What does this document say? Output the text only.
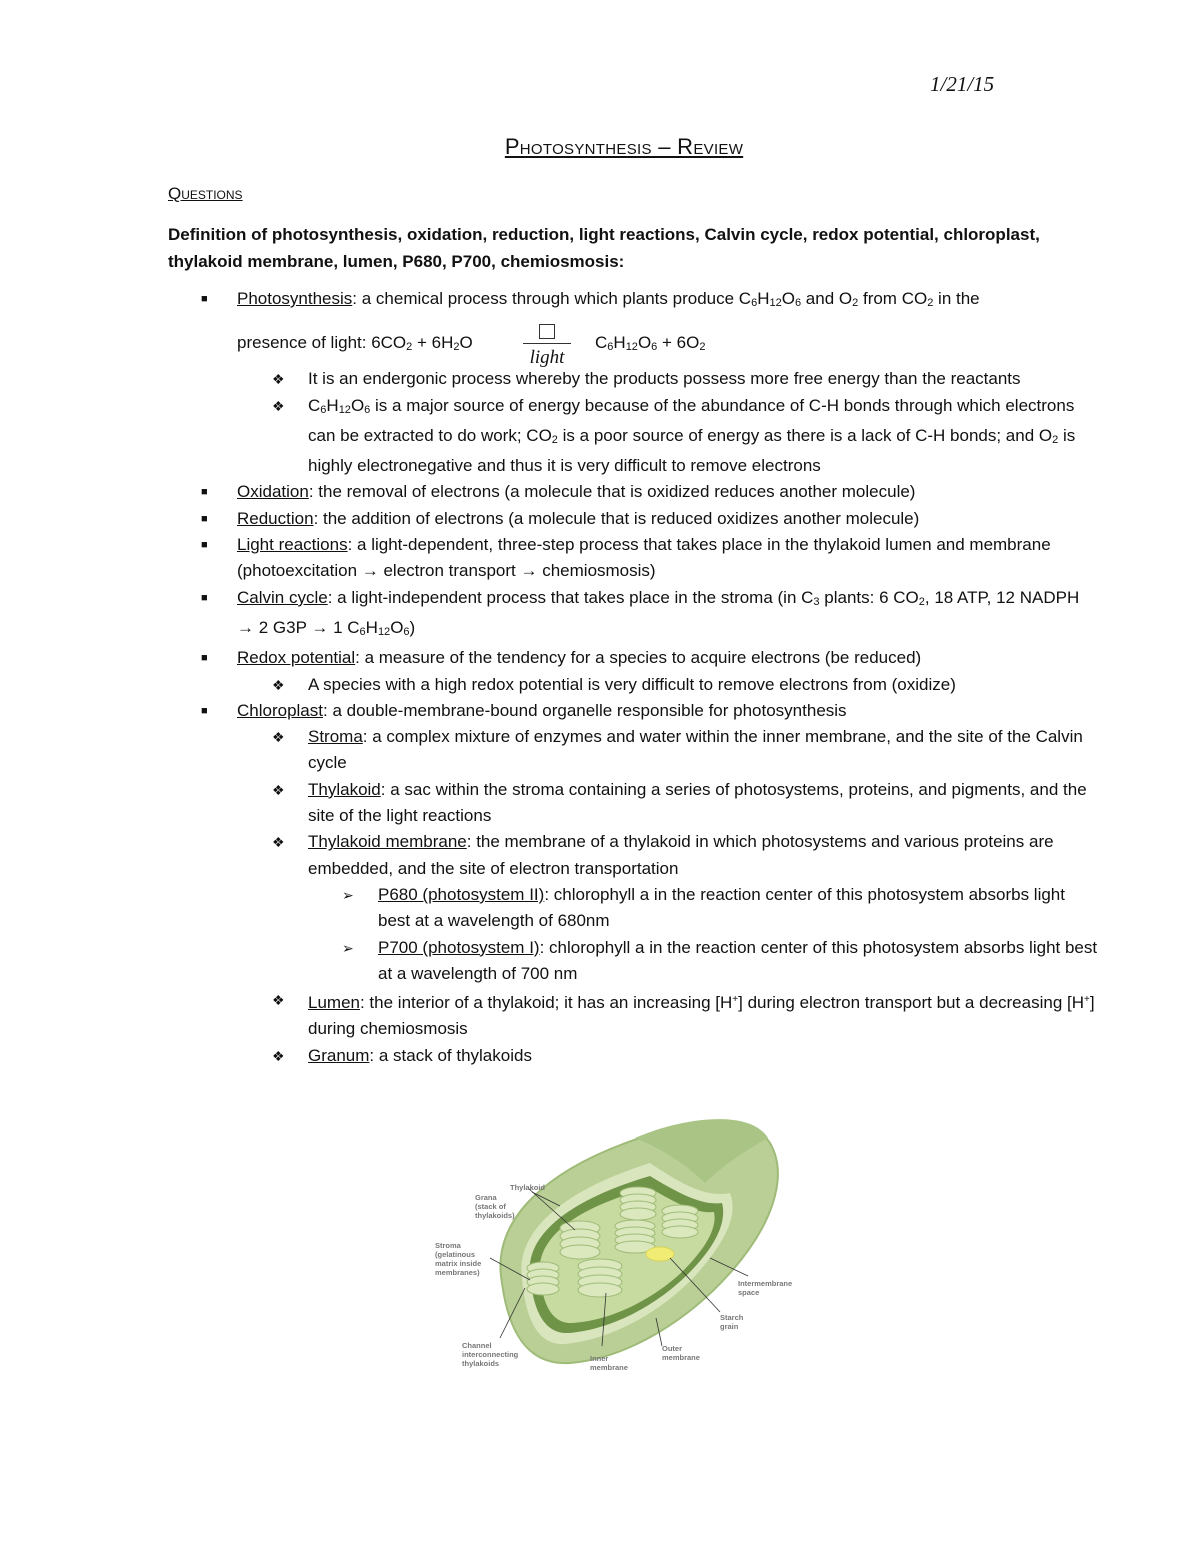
1/21/15
Photosynthesis – Review
Questions
Definition of photosynthesis, oxidation, reduction, light reactions, Calvin cycle, redox potential, chloroplast, thylakoid membrane, lumen, P680, P700, chemiosmosis:
■ Photosynthesis: a chemical process through which plants produce $C_6H_{12}O_6$ and $O_2$ from $CO_2$ in the
presence of light: $6CO_2 + 6H_2O$
light
$C_6H_{12}O_6 + 6O_2$
❖ It is an endergonic process whereby the products possess more free energy than the reactants
❖ $C_6H_{12}O_6$ is a major source of energy because of the abundance of C-H bonds through which electrons can be extracted to do work; $CO_2$ is a poor source of energy as there is a lack of C-H bonds; and $O_2$ is highly electronegative and thus it is very difficult to remove electrons
■ Oxidation: the removal of electrons (a molecule that is oxidized reduces another molecule)
■ Reduction: the addition of electrons (a molecule that is reduced oxidizes another molecule)
■ Light reactions: a light-dependent, three-step process that takes place in the thylakoid lumen and membrane (photoexcitation → electron transport → chemiosmosis)
■ Calvin cycle: a light-independent process that takes place in the stroma (in $C_3$ plants: 6 $CO_2$, 18 ATP, 12 NADPH → 2 G3P → 1 $C_6H_{12}O_6$)
■ Redox potential: a measure of the tendency for a species to acquire electrons (be reduced)
❖ A species with a high redox potential is very difficult to remove electrons from (oxidize)
■ Chloroplast: a double-membrane-bound organelle responsible for photosynthesis
❖ Stroma: a complex mixture of enzymes and water within the inner membrane, and the site of the Calvin cycle
❖ Thylakoid: a sac within the stroma containing a series of photosystems, proteins, and pigments, and the site of the light reactions
❖ Thylakoid membrane: the membrane of a thylakoid in which photosystems and various proteins are embedded, and the site of electron transportation
➢ P680 (photosystem II): chlorophyll a in the reaction center of this photosystem absorbs light best at a wavelength of 680nm
➢ P700 (photosystem I): chlorophyll a in the reaction center of this photosystem absorbs light best at a wavelength of 700 nm
❖ Lumen: the interior of a thylakoid; it has an increasing [H+] during electron transport but a decreasing [H+] during chemiosmosis
❖ Granum: a stack of thylakoids
Thylakoid
Grana
(stack of
thylakoids)
Stroma
(gelatinous
matrix inside
membranes)
Intermembrane
space
Starch
grain
Channel
interconnecting
thylakoids
Inner
membrane
Outer
membrane
